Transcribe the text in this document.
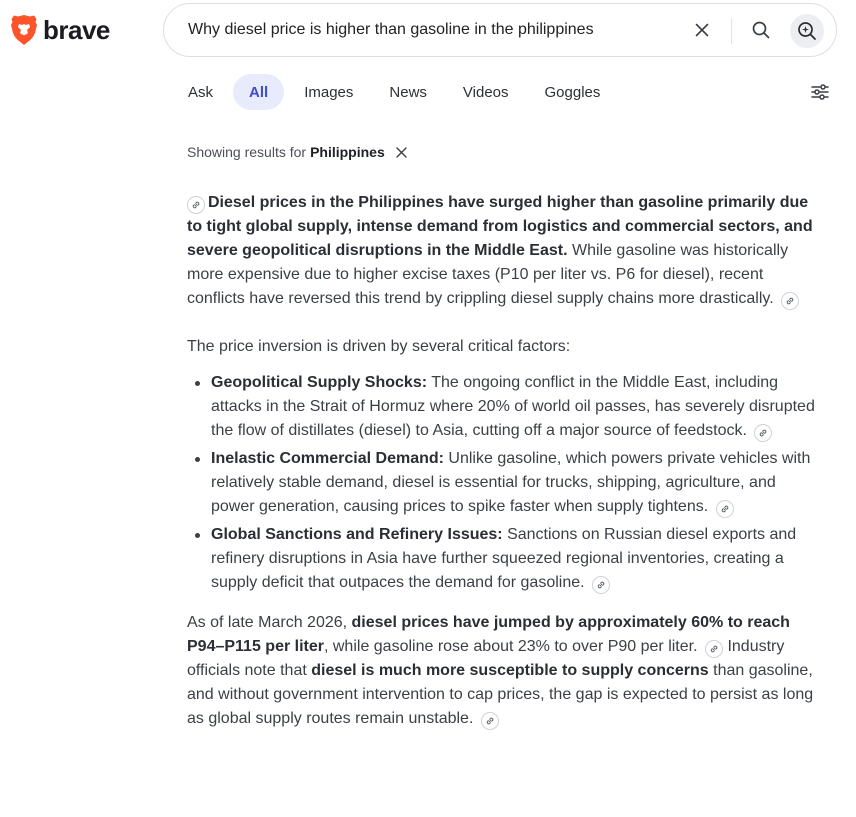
brave	Why diesel price is higher than gasoline in the philippines
Ask All Images News Videos Goggles
Showing results for Philippines

Diesel prices in the Philippines have surged higher than gasoline primarily due to tight global supply, intense demand from logistics and commercial sectors, and severe geopolitical disruptions in the Middle East. While gasoline was historically more expensive due to higher excise taxes (P10 per liter vs. P6 for diesel), recent conflicts have reversed this trend by crippling diesel supply chains more drastically.

The price inversion is driven by several critical factors:

Geopolitical Supply Shocks: The ongoing conflict in the Middle East, including attacks in the Strait of Hormuz where 20% of world oil passes, has severely disrupted the flow of distillates (diesel) to Asia, cutting off a major source of feedstock.
Inelastic Commercial Demand: Unlike gasoline, which powers private vehicles with relatively stable demand, diesel is essential for trucks, shipping, agriculture, and power generation, causing prices to spike faster when supply tightens.
Global Sanctions and Refinery Issues: Sanctions on Russian diesel exports and refinery disruptions in Asia have further squeezed regional inventories, creating a supply deficit that outpaces the demand for gasoline.

As of late March 2026, diesel prices have jumped by approximately 60% to reach P94–P115 per liter, while gasoline rose about 23% to over P90 per liter.
Industry officials note that diesel is much more susceptible to supply concerns than gasoline, and without government intervention to cap prices, the gap is expected to persist as long as global supply routes remain unstable.
